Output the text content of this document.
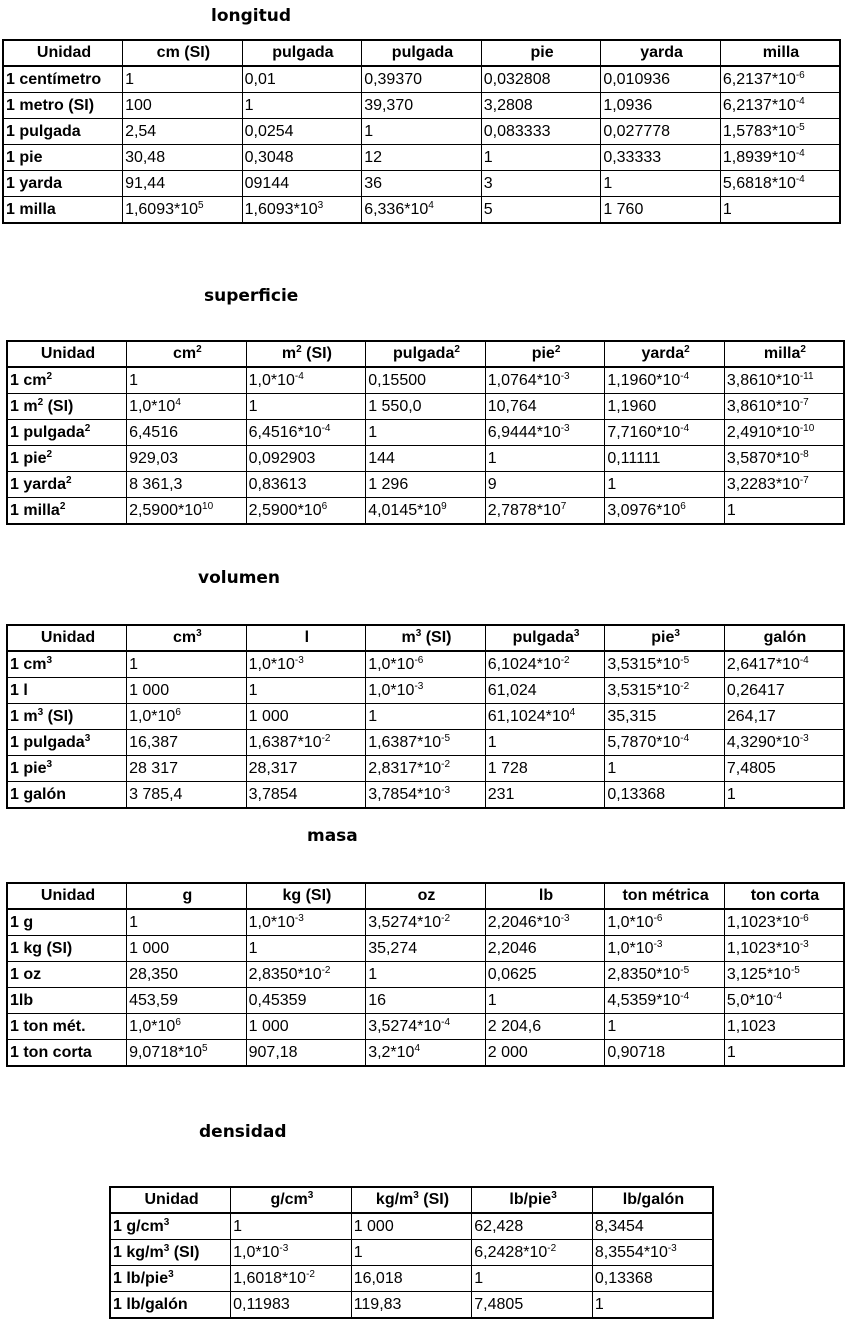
longitud
superficie
volumen
masa
densidad
Unidad	cm (SI)	pulgada	pulgada	pie	yarda	milla
1 centímetro	1	0,01	0,39370	0,032808	0,010936	$6,2137*10^{-6}$
1 metro (SI)	100	1	39,370	3,2808	1,0936	$6,2137*10^{-4}$
1 pulgada	2,54	0,0254	1	0,083333	0,027778	$1,5783*10^{-5}$
1 pie	30,48	0,3048	12	1	0,33333	$1,8939*10^{-4}$
1 yarda	91,44	09144	36	3	1	$5,6818*10^{-4}$
1 milla	$1,6093*10^5$	$1,6093*10^3$	$6,336*10^4$	5	1 760	1
Unidad	$cm^2$	$m^2$ (SI)	pulgada$^2$	pie$^2$	yarda$^2$	milla$^2$
1 $cm^2$	1	$1,0*10^{-4}$	0,15500	$1,0764*10^{-3}$	$1,1960*10^{-4}$	$3,8610*10^{-11}$
1 $m^2$ (SI)	$1,0*10^4$	1	1 550,0	10,764	1,1960	$3,8610*10^{-7}$
1 pulgada$^2$	6,4516	$6,4516*10^{-4}$	1	$6,9444*10^{-3}$	$7,7160*10^{-4}$	$2,4910*10^{-10}$
1 pie$^2$	929,03	0,092903	144	1	0,11111	$3,5870*10^{-8}$
1 yarda$^2$	8 361,3	0,83613	1 296	9	1	$3,2283*10^{-7}$
1 milla$^2$	$2,5900*10^{10}$	$2,5900*10^6$	$4,0145*10^9$	$2,7878*10^7$	$3,0976*10^6$	1
Unidad	$cm^3$	l	$m^3$ (SI)	pulgada$^3$	pie$^3$	galón
1 $cm^3$	1	$1,0*10^{-3}$	$1,0*10^{-6}$	$6,1024*10^{-2}$	$3,5315*10^{-5}$	$2,6417*10^{-4}$
1 l	1 000	1	$1,0*10^{-3}$	61,024	$3,5315*10^{-2}$	0,26417
1 $m^3$ (SI)	$1,0*10^6$	1 000	1	$61,1024*10^4$	35,315	264,17
1 pulgada$^3$	16,387	$1,6387*10^{-2}$	$1,6387*10^{-5}$	1	$5,7870*10^{-4}$	$4,3290*10^{-3}$
1 pie$^3$	28 317	28,317	$2,8317*10^{-2}$	1 728	1	7,4805
1 galón	3 785,4	3,7854	$3,7854*10^{-3}$	231	0,13368	1
Unidad	g	kg (SI)	oz	lb	ton métrica	ton corta
1 g	1	$1,0*10^{-3}$	$3,5274*10^{-2}$	$2,2046*10^{-3}$	$1,0*10^{-6}$	$1,1023*10^{-6}$
1 kg (SI)	1 000	1	35,274	2,2046	$1,0*10^{-3}$	$1,1023*10^{-3}$
1 oz	28,350	$2,8350*10^{-2}$	1	0,0625	$2,8350*10^{-5}$	$3,125*10^{-5}$
1lb	453,59	0,45359	16	1	$4,5359*10^{-4}$	$5,0*10^{-4}$
1 ton mét.	$1,0*10^6$	1 000	$3,5274*10^{-4}$	2 204,6	1	1,1023
1 ton corta	$9,0718*10^5$	907,18	$3,2*10^4$	2 000	0,90718	1
Unidad	$g/cm^3$	$kg/m^3$ (SI)	lb/pie$^3$	lb/galón
1 $g/cm^3$	1	1 000	62,428	8,3454
1 $kg/m^3$ (SI)	$1,0*10^{-3}$	1	$6,2428*10^{-2}$	$8,3554*10^{-3}$
1 lb/pie$^3$	$1,6018*10^{-2}$	16,018	1	0,13368
1 lb/galón	0,11983	119,83	7,4805	1
